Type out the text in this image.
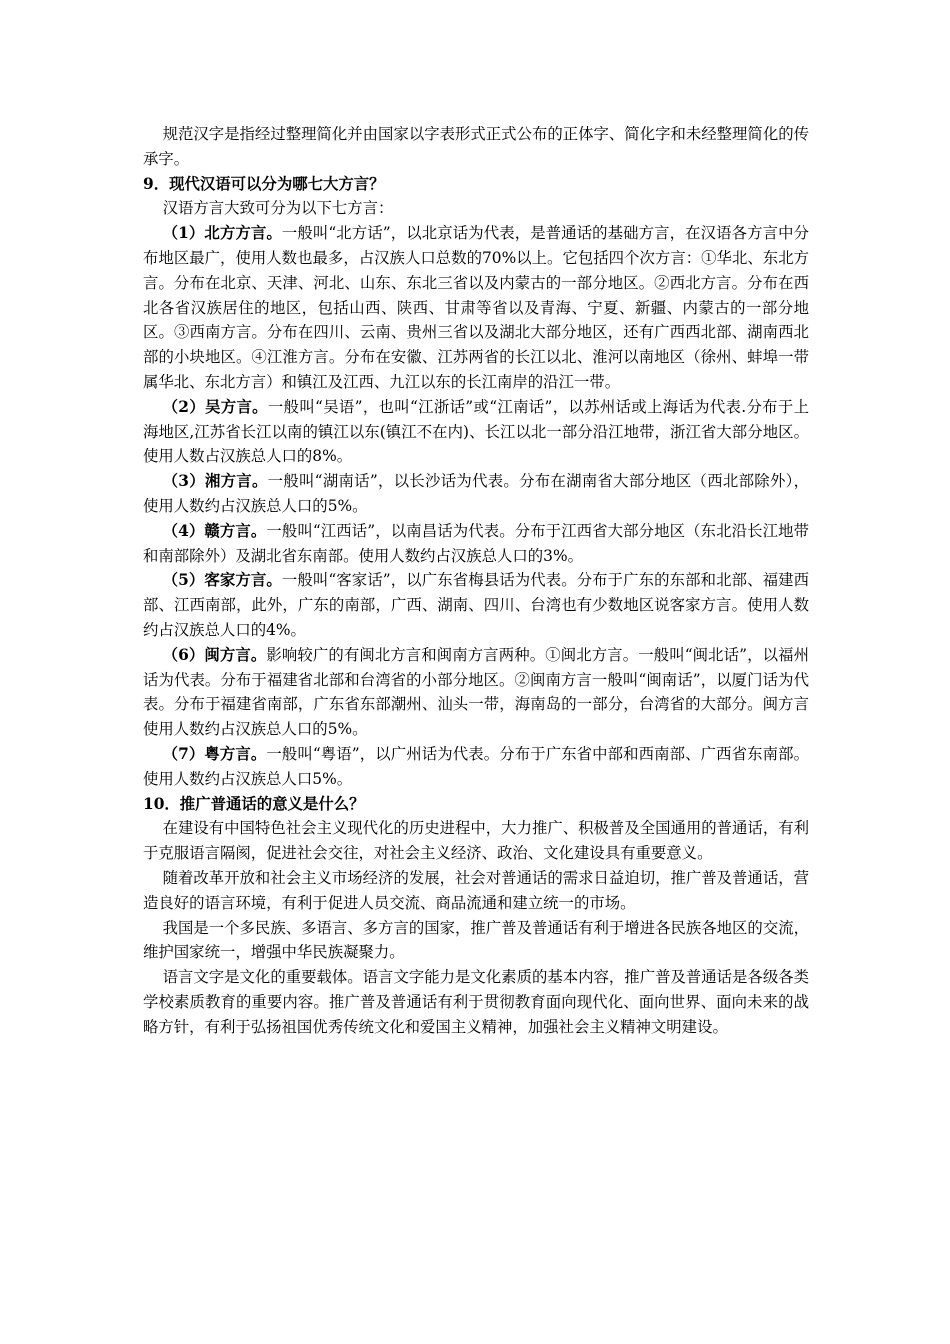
规范汉字是指经过整理简化并由国家以字表形式正式公布的正体字、简化字和未经整理简化的传承字。

9．现代汉语可以分为哪七大方言？

汉语方言大致可分为以下七方言：

（1）北方方言。一般叫“北方话”，以北京话为代表，是普通话的基础方言，在汉语各方言中分布地区最广，使用人数也最多，占汉族人口总数的70%以上。它包括四个次方言：①华北、东北方言。分布在北京、天津、河北、山东、东北三省以及内蒙古的一部分地区。②西北方言。分布在西北各省汉族居住的地区，包括山西、陕西、甘肃等省以及青海、宁夏、新疆、内蒙古的一部分地区。③西南方言。分布在四川、云南、贵州三省以及湖北大部分地区，还有广西西北部、湖南西北部的小块地区。④江淮方言。分布在安徽、江苏两省的长江以北、淮河以南地区（徐州、蚌埠一带属华北、东北方言）和镇江及江西、九江以东的长江南岸的沿江一带。

（2）吴方言。一般叫“吴语”，也叫“江浙话”或“江南话”，以苏州话或上海话为代表.分布于上海地区,江苏省长江以南的镇江以东(镇江不在内)、长江以北一部分沿江地带，浙江省大部分地区。使用人数占汉族总人口的8%。

（3）湘方言。一般叫“湖南话”，以长沙话为代表。分布在湖南省大部分地区（西北部除外），使用人数约占汉族总人口的5%。

（4）赣方言。一般叫“江西话”，以南昌话为代表。分布于江西省大部分地区（东北沿长江地带和南部除外）及湖北省东南部。使用人数约占汉族总人口的3%。

（5）客家方言。一般叫“客家话”，以广东省梅县话为代表。分布于广东的东部和北部、福建西部、江西南部，此外，广东的南部，广西、湖南、四川、台湾也有少数地区说客家方言。使用人数约占汉族总人口的4%。

（6）闽方言。影响较广的有闽北方言和闽南方言两种。①闽北方言。一般叫“闽北话”，以福州话为代表。分布于福建省北部和台湾省的小部分地区。②闽南方言一般叫“闽南话”，以厦门话为代表。分布于福建省南部，广东省东部潮州、汕头一带，海南岛的一部分，台湾省的大部分。闽方言使用人数约占汉族总人口的5%。

（7）粤方言。一般叫“粤语”，以广州话为代表。分布于广东省中部和西南部、广西省东南部。使用人数约占汉族总人口5%。

10．推广普通话的意义是什么？

在建设有中国特色社会主义现代化的历史进程中，大力推广、积极普及全国通用的普通话，有利于克服语言隔阂，促进社会交往，对社会主义经济、政治、文化建设具有重要意义。

随着改革开放和社会主义市场经济的发展，社会对普通话的需求日益迫切，推广普及普通话，营造良好的语言环境，有利于促进人员交流、商品流通和建立统一的市场。

我国是一个多民族、多语言、多方言的国家，推广普及普通话有利于增进各民族各地区的交流，维护国家统一，增强中华民族凝聚力。

语言文字是文化的重要载体。语言文字能力是文化素质的基本内容，推广普及普通话是各级各类学校素质教育的重要内容。推广普及普通话有利于贯彻教育面向现代化、面向世界、面向未来的战略方针，有利于弘扬祖国优秀传统文化和爱国主义精神，加强社会主义精神文明建设。
